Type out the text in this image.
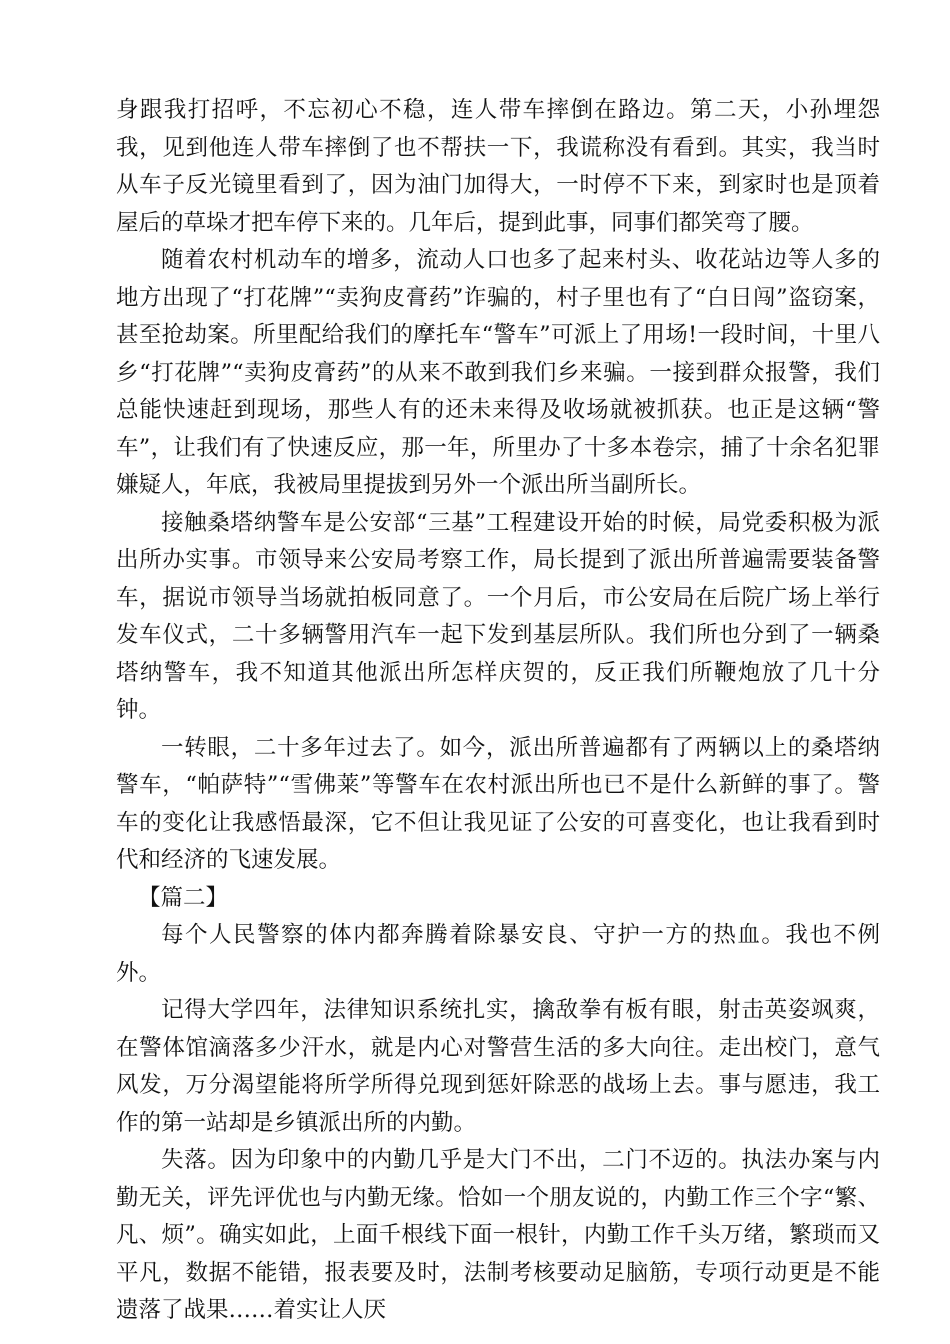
身跟我打招呼，不忘初心不稳，连人带车摔倒在路边。第二天，小孙埋怨我，见到他连人带车摔倒了也不帮扶一下，我谎称没有看到。其实，我当时从车子反光镜里看到了，因为油门加得大，一时停不下来，到家时也是顶着屋后的草垛才把车停下来的。几年后，提到此事，同事们都笑弯了腰。

随着农村机动车的增多，流动人口也多了起来村头、收花站边等人多的地方出现了“打花牌”“卖狗皮膏药”诈骗的，村子里也有了“白日闯”盗窃案，甚至抢劫案。所里配给我们的摩托车“警车”可派上了用场!一段时间，十里八乡“打花牌”“卖狗皮膏药”的从来不敢到我们乡来骗。一接到群众报警，我们总能快速赶到现场，那些人有的还未来得及收场就被抓获。也正是这辆“警车”，让我们有了快速反应，那一年，所里办了十多本卷宗，捕了十余名犯罪嫌疑人，年底，我被局里提拔到另外一个派出所当副所长。

接触桑塔纳警车是公安部“三基”工程建设开始的时候，局党委积极为派出所办实事。市领导来公安局考察工作，局长提到了派出所普遍需要装备警车，据说市领导当场就拍板同意了。一个月后，市公安局在后院广场上举行发车仪式，二十多辆警用汽车一起下发到基层所队。我们所也分到了一辆桑塔纳警车，我不知道其他派出所怎样庆贺的，反正我们所鞭炮放了几十分钟。

一转眼，二十多年过去了。如今，派出所普遍都有了两辆以上的桑塔纳警车，“帕萨特”“雪佛莱”等警车在农村派出所也已不是什么新鲜的事了。警车的变化让我感悟最深，它不但让我见证了公安的可喜变化，也让我看到时代和经济的飞速发展。

【篇二】

每个人民警察的体内都奔腾着除暴安良、守护一方的热血。我也不例外。

记得大学四年，法律知识系统扎实，擒敌拳有板有眼，射击英姿飒爽，在警体馆滴落多少汗水，就是内心对警营生活的多大向往。走出校门，意气风发，万分渴望能将所学所得兑现到惩奸除恶的战场上去。事与愿违，我工作的第一站却是乡镇派出所的内勤。

失落。因为印象中的内勤几乎是大门不出，二门不迈的。执法办案与内勤无关，评先评优也与内勤无缘。恰如一个朋友说的，内勤工作三个字“繁、凡、烦”。确实如此，上面千根线下面一根针，内勤工作千头万绪，繁琐而又平凡，数据不能错，报表要及时，法制考核要动足脑筋，专项行动更是不能遗落了战果……着实让人厌
